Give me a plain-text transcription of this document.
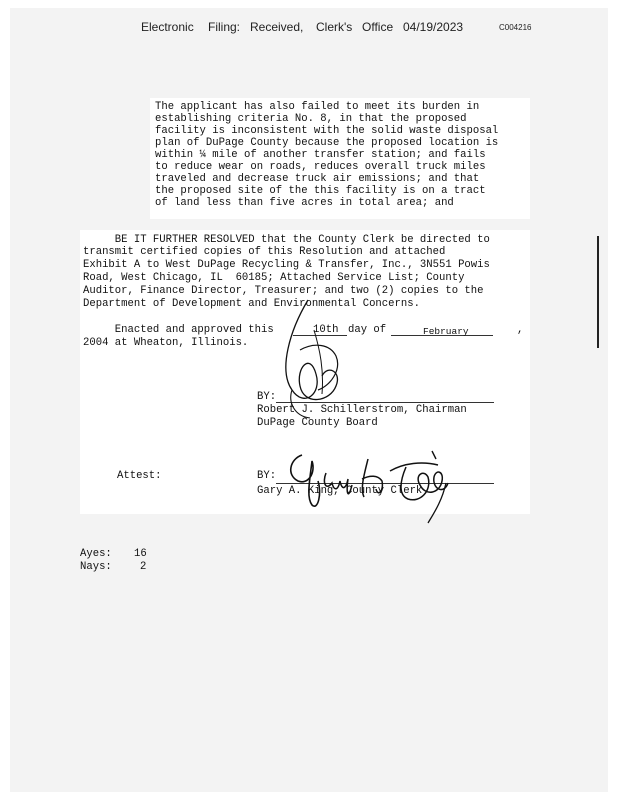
Electronic Filing: Received, Clerk's Office 04/19/2023	C004216
The applicant has also failed to meet its burden in
establishing criteria No. 8, in that the proposed
facility is inconsistent with the solid waste disposal
plan of DuPage County because the proposed location is
within ¼ mile of another transfer station; and fails
to reduce wear on roads, reduces overall truck miles
traveled and decrease truck air emissions; and that
the proposed site of the this facility is on a tract
of land less than five acres in total area; and
BE IT FURTHER RESOLVED that the County Clerk be directed to
transmit certified copies of this Resolution and attached
Exhibit A to West DuPage Recycling & Transfer, Inc., 3N551 Powis
Road, West Chicago, IL  60185; Attached Service List; County
Auditor, Finance Director, Treasurer; and two (2) copies to the
Department of Development and Environmental Concerns.
Enacted and approved this	10th day of	February	,
2004 at Wheaton, Illinois.
BY:
Robert J. Schillerstrom, Chairman
DuPage County Board
Attest:	BY:
Gary A. King, County Clerk
Ayes: 16
Nays:	2
